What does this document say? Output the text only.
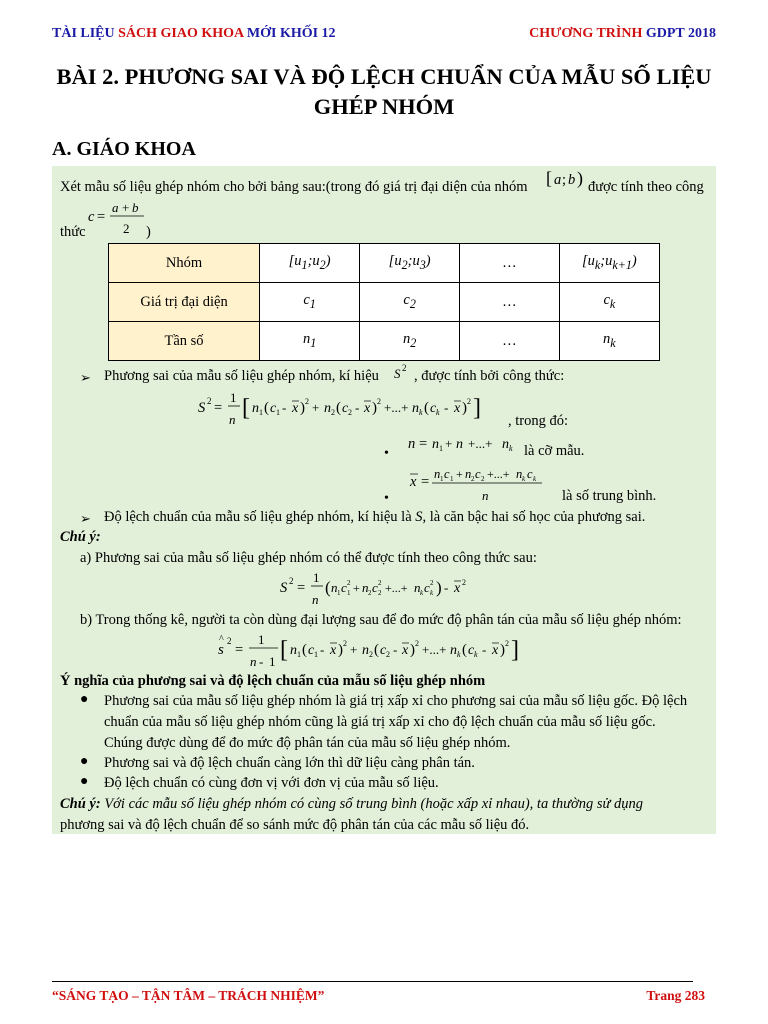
TÀI LIỆU SÁCH GIAO KHOA MỚI KHỐI 12	CHƯƠNG TRÌNH GDPT 2018
BÀI 2. PHƯƠNG SAI VÀ ĐỘ LỆCH CHUẨN CỦA MẪU SỐ LIỆU
GHÉP NHÓM
A. GIÁO KHOA
Xét mẫu số liệu ghép nhóm cho bởi bảng sau:(trong đó giá trị đại diện của nhóm [ a ; b ) được tính theo công
c =
a + b
2
thức	)
Nhóm	$[u_1;u_2)$	$[u_2;u_3)$	…	$[u_k;u_{k+1})$
Giá trị đại diện	$c_1$	$c_2$	…	$c_k$
Tần số	$n_1$	$n_2$	…	$n_k$
➢ Phương sai của mẫu số liệu ghép nhóm, kí hiệu S 2 , được tính bởi công thức:
S 2 =
1
n [ n 1 ( c 1 - x ) 2 + n 2 ( c 2 - x ) 2 +...+ n k ( c k - x ) 2 ] , trong đó:
•
n = n 1 + n +...+ n k là cỡ mẫu.
•
x = n 1 c 1 + n 2 c 2 +...+ n k c k
n	là số trung bình.
➢ Độ lệch chuẩn của mẫu số liệu ghép nhóm, kí hiệu là S, là căn bậc hai số học của phương sai.
Chú ý:
a) Phương sai của mẫu số liệu ghép nhóm có thể được tính theo công thức sau:
S 2 =
1
n
( n 1 c 1
2 + n 2 c 2
2 +...+ n k c k
2 ) - x 2
b) Trong thống kê, người ta còn dùng đại lượng sau để đo mức độ phân tán của mẫu số liệu ghép nhóm:
s
^ 2
=
1
n - 1 [ n 1 ( c 1 - x ) 2 + n 2 ( c 2 - x ) 2 +...+ n k ( c k - x ) 2 ]
Ý nghĩa của phương sai và độ lệch chuẩn của mẫu số liệu ghép nhóm
● Phương sai của mẫu số liệu ghép nhóm là giá trị xấp xỉ cho phương sai của mẫu số liệu gốc. Độ lệch
chuẩn của mẫu số liệu ghép nhóm cũng là giá trị xấp xỉ cho độ lệch chuẩn của mẫu số liệu gốc.
Chúng được dùng để đo mức độ phân tán của mẫu số liệu ghép nhóm.
● Phương sai và độ lệch chuẩn càng lớn thì dữ liệu càng phân tán.
● Độ lệch chuẩn có cùng đơn vị với đơn vị của mẫu số liệu.
Chú ý: Với các mẫu số liệu ghép nhóm có cùng số trung bình (hoặc xấp xỉ nhau), ta thường sử dụng
phương sai và độ lệch chuẩn để so sánh mức độ phân tán của các mẫu số liệu đó.
“SÁNG TẠO – TẬN TÂM – TRÁCH NHIỆM”	Trang 283
